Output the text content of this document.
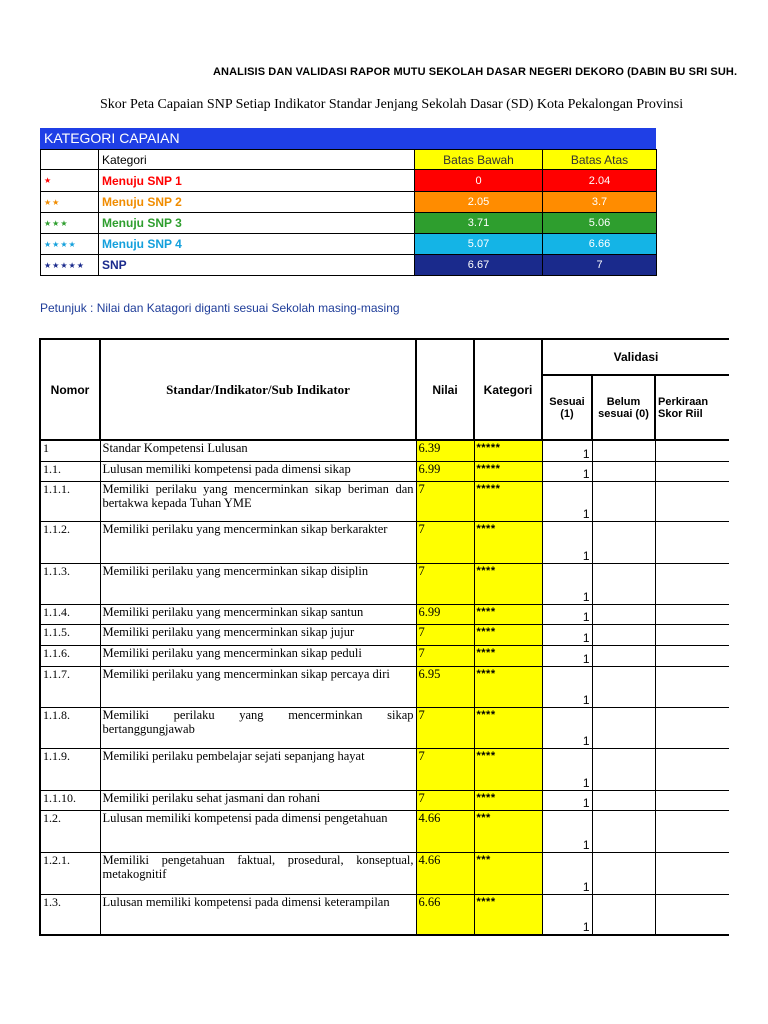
ANALISIS DAN VALIDASI RAPOR MUTU SEKOLAH DASAR NEGERI DEKORO (DABIN BU SRI SUH.
Skor Peta Capaian SNP Setiap Indikator Standar Jenjang Sekolah Dasar (SD) Kota Pekalongan Provinsi
KATEGORI CAPAIAN
	Kategori	Batas Bawah	Batas Atas
★	Menuju SNP 1	0	2.04
★★	Menuju SNP 2	2.05	3.7
★★★	Menuju SNP 3	3.71	5.06
★★★★	Menuju SNP 4	5.07	6.66
★★★★★	SNP	6.67	7
Petunjuk : Nilai dan Katagori diganti sesuai Sekolah masing-masing
Nomor	Standar/Indikator/Sub Indikator	Nilai	Kategori	Validasi		
				Sesuai (1)	Belum sesuai (0)	Perkiraan Skor Riil
1	Standar Kompetensi Lulusan	6.39	*****	1		
1.1.	Lulusan memiliki kompetensi pada dimensi sikap	6.99	*****	1		
1.1.1.	Memiliki perilaku yang mencerminkan sikap beriman dan bertakwa kepada Tuhan YME	7	*****	1		
1.1.2.	Memiliki perilaku yang mencerminkan sikap berkarakter	7	****	1		
1.1.3.	Memiliki perilaku yang mencerminkan sikap disiplin	7	****	1		
1.1.4.	Memiliki perilaku yang mencerminkan sikap santun	6.99	****	1		
1.1.5.	Memiliki perilaku yang mencerminkan sikap jujur	7	****	1		
1.1.6.	Memiliki perilaku yang mencerminkan sikap peduli	7	****	1		
1.1.7.	Memiliki perilaku yang mencerminkan sikap percaya diri	6.95	****	1		
1.1.8.	Memiliki perilaku yang mencerminkan sikap bertanggungjawab	7	****	1		
1.1.9.	Memiliki perilaku pembelajar sejati sepanjang hayat	7	****	1		
1.1.10.	Memiliki perilaku sehat jasmani dan rohani	7	****	1		
1.2.	Lulusan memiliki kompetensi pada dimensi pengetahuan	4.66	***	1		
1.2.1.	Memiliki pengetahuan faktual, prosedural, konseptual, metakognitif	4.66	***	1		
1.3.	Lulusan memiliki kompetensi pada dimensi keterampilan	6.66	****	1		
